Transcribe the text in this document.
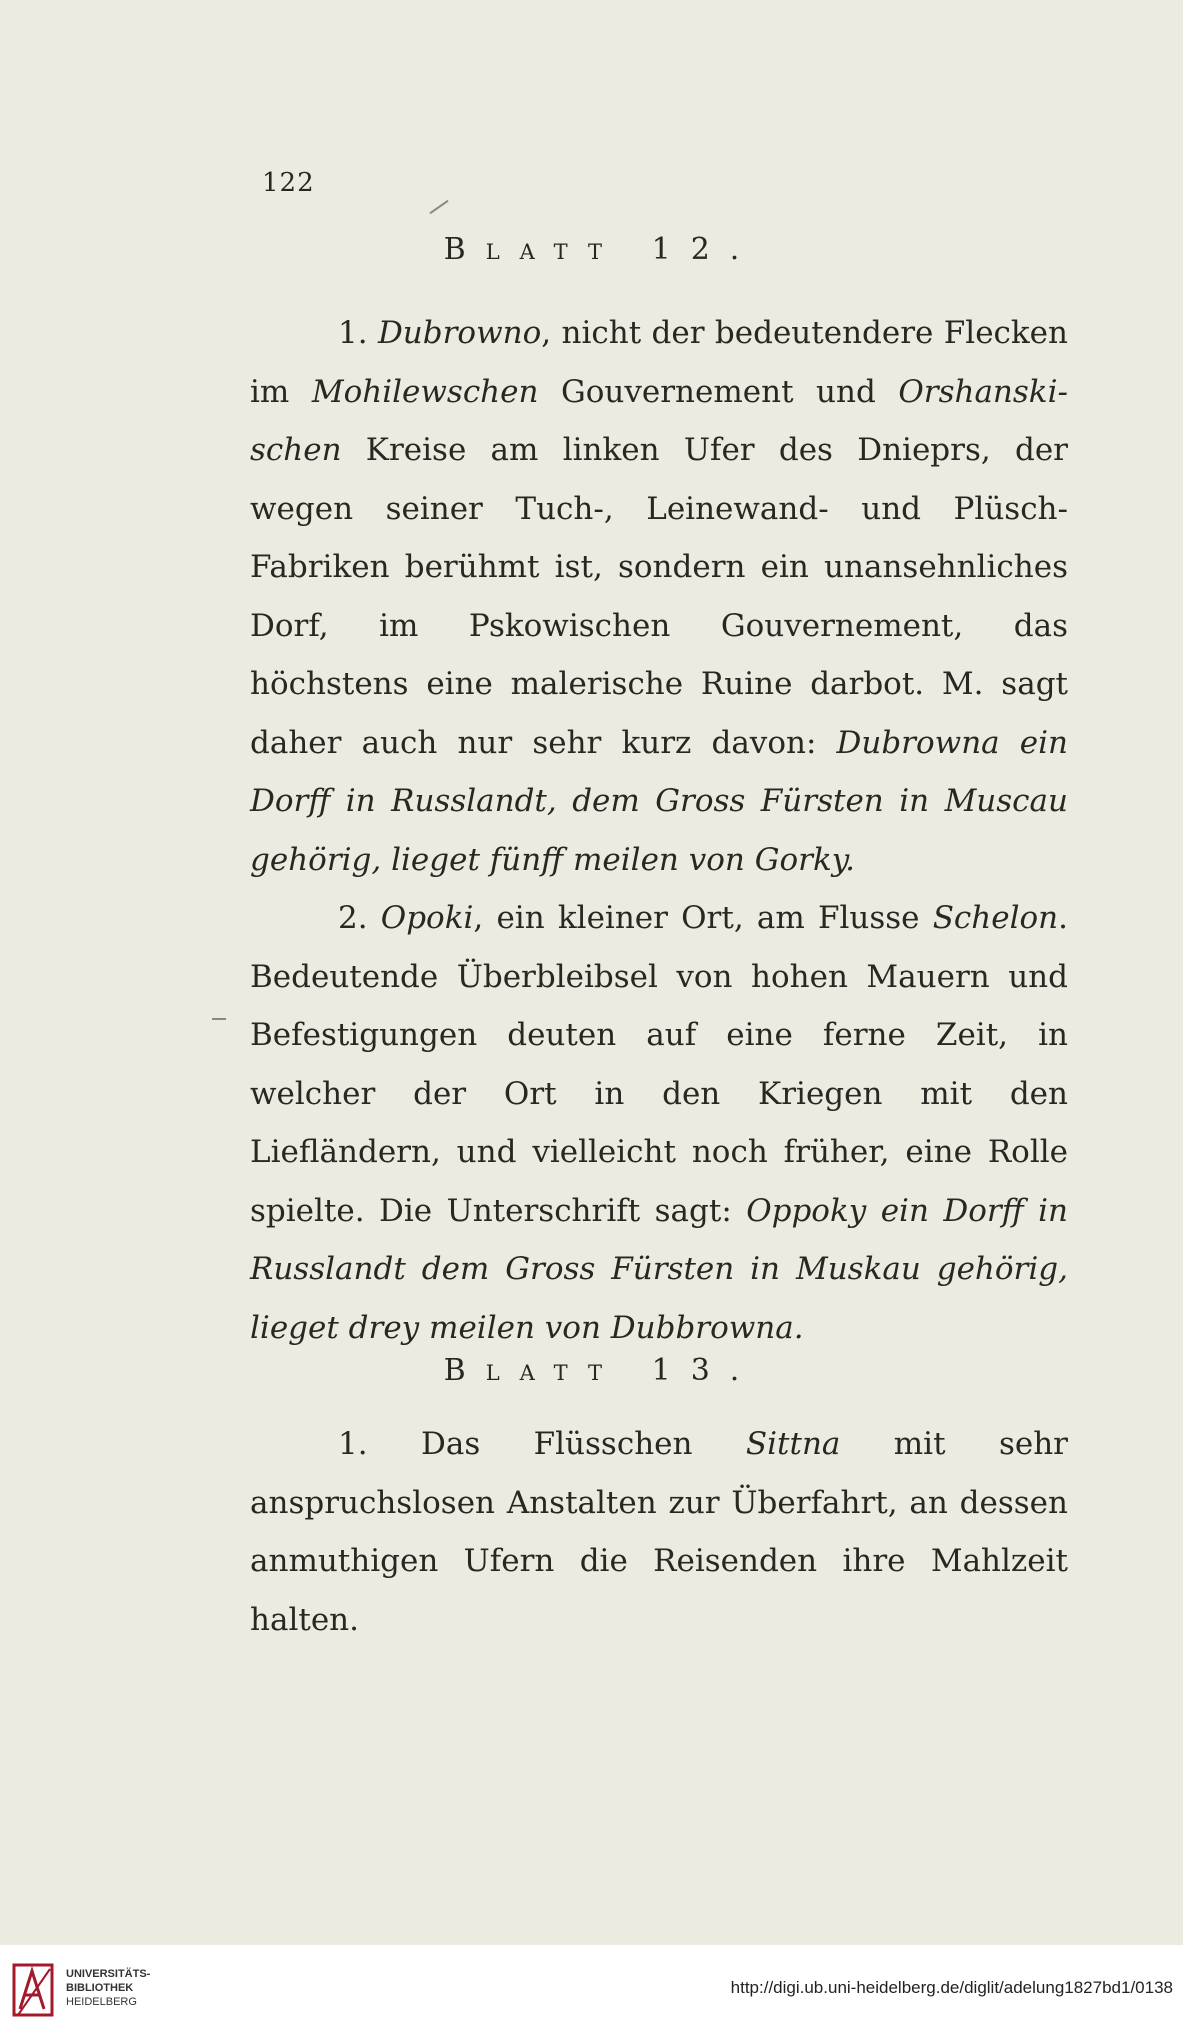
122
Blatt 12.

1. Dubrowno, nicht der bedeutendere Flecken im Mohilewschen Gouvernement und Orshanski-schen Kreise am linken Ufer des Dnieprs, der wegen seiner Tuch-, Leinewand- und Plüsch-Fabriken berühmt ist, sondern ein unansehnliches Dorf, im Pskowischen Gouvernement, das höchstens eine malerische Ruine darbot. M. sagt daher auch nur sehr kurz davon: Dubrowna ein Dorff in Russlandt, dem Gross Fürsten in Muscau gehörig, lieget fünff meilen von Gorky.

2. Opoki, ein kleiner Ort, am Flusse Schelon. Bedeutende Überbleibsel von hohen Mauern und Befestigungen deuten auf eine ferne Zeit, in welcher der Ort in den Kriegen mit den Liefländern, und vielleicht noch früher, eine Rolle spielte. Die Unterschrift sagt: Oppoky ein Dorff in Russlandt dem Gross Fürsten in Muskau gehörig, lieget drey meilen von Dubbrowna.

Blatt 13.

1. Das Flüsschen Sittna mit sehr anspruchslosen Anstalten zur Überfahrt, an dessen anmuthigen Ufern die Reisenden ihre Mahlzeit halten.

UNIVERSITÄTS-
BIBLIOTHEK
HEIDELBERG
http://digi.ub.uni-heidelberg.de/diglit/adelung1827bd1/0138
